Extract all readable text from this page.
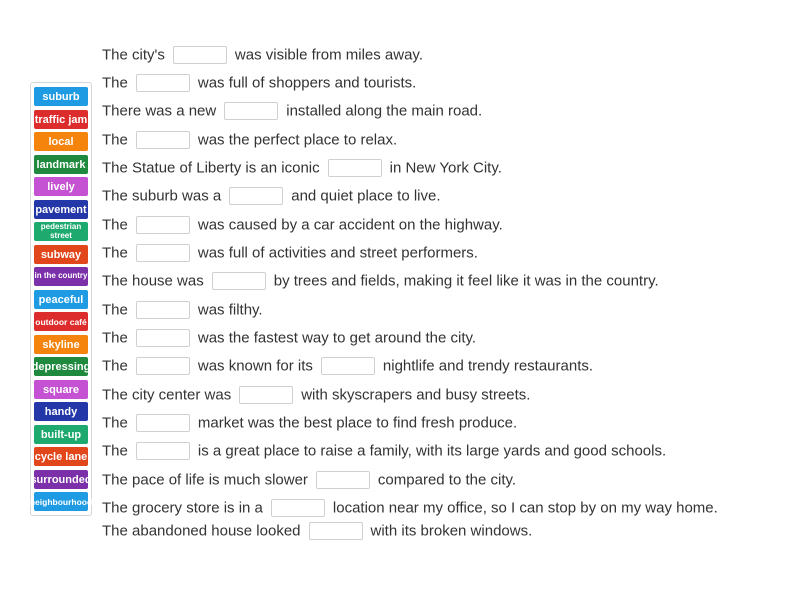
suburb
traffic jam
local
landmark
lively
pavement
pedestrian street
subway
in the country
peaceful
outdoor café
skyline
depressing
square
handy
built-up
cycle lane
surrounded
neighbourhood
The city's	was visible from miles away.
The	was full of shoppers and tourists.
There was a new	installed along the main road.
The	was the perfect place to relax.
The Statue of Liberty is an iconic	in New York City.
The suburb was a	and quiet place to live.
The	was caused by a car accident on the highway.
The	was full of activities and street performers.
The house was	by trees and fields, making it feel like it was in the country.
The	was filthy.
The	was the fastest way to get around the city.
The	was known for its	nightlife and trendy restaurants.
The city center was	with skyscrapers and busy streets.
The	market was the best place to find fresh produce.
The	is a great place to raise a family, with its large yards and good schools.
The pace of life is much slower	compared to the city.
The grocery store is in a	location near my office, so I can stop by on my way home.
The abandoned house looked	with its broken windows.
